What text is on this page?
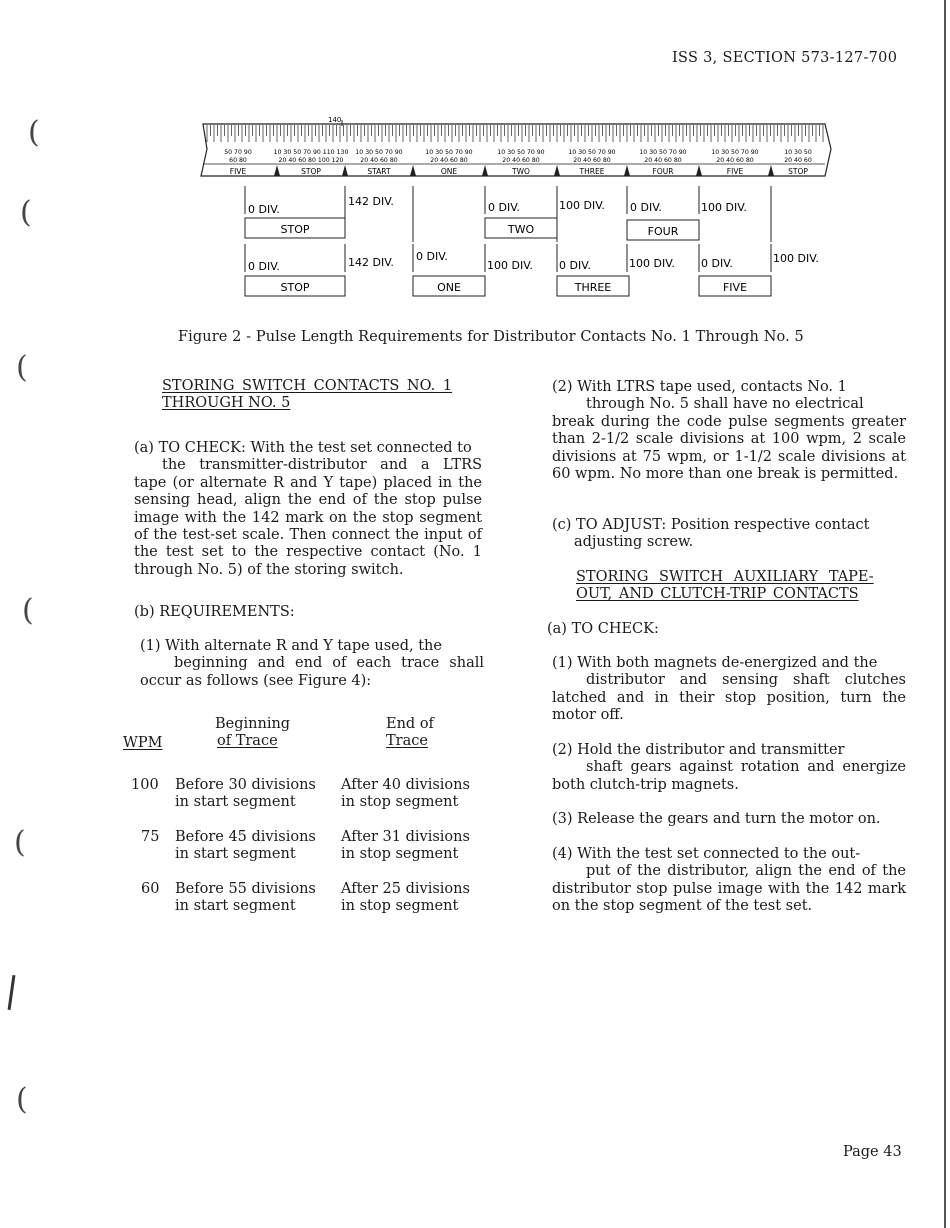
ISS 3, SECTION 573-127-700
(
(
(
(
(
(
140
50 70 90
60 80
10 30 50 70 90 110 130
20 40 60 80 100 120
10 30 50 70 90
20 40 60 80
10 30 50 70 90
20 40 60 80
10 30 50 70 90
20 40 60 80
10 30 50 70 90
20 40 60 80
10 30 50 70 90
20 40 60 80
10 30 50 70 90
20 40 60 80
10 30 50
20 40 60
FIVE	STOP	START	ONE	TWO	THREE	FOUR	FIVE	STOP
0 DIV.
142 DIV.	0 DIV.	100 DIV. 0 DIV.	100 DIV.
STOP	TWO	FOUR
0 DIV.	142 DIV. 0 DIV.
100 DIV. 0 DIV.	100 DIV. 0 DIV.	100 DIV.
STOP	ONE	THREE	FIVE
Figure 2 - Pulse Length Requirements for Distributor Contacts No. 1 Through No. 5
STORING SWITCH CONTACTS NO. 1
THROUGH NO. 5
(a) TO CHECK: With the test set connected to
the transmitter-distributor and a LTRS tape (or alternate R and Y tape) placed in the sensing head, align the end of the stop pulse image with the 142 mark on the stop segment of the test-set scale. Then connect the input of the test set to the respective contact (No. 1 through No. 5) of the storing switch.
(b) REQUIREMENTS:
(1) With alternate R and Y tape used, the
beginning and end of each trace shall occur as follows (see Figure 4):
Beginning
of Trace
End of
Trace
WPM
100 Before 30 divisions
in start segment
After 40 divisions
in stop segment
75 Before 45 divisions
in start segment
After 31 divisions
in stop segment
60 Before 55 divisions
in start segment
After 25 divisions
in stop segment
(2) With LTRS tape used, contacts No. 1
through No. 5 shall have no electrical
break during the code pulse segments greater than 2-1/2 scale divisions at 100 wpm, 2 scale divisions at 75 wpm, or 1-1/2 scale divisions at 60 wpm. No more than one break is permitted.
(c) TO ADJUST: Position respective contact
adjusting screw.
STORING SWITCH AUXILIARY TAPE-
OUT, AND CLUTCH-TRIP CONTACTS
(a) TO CHECK:
(1) With both magnets de-energized and the
distributor and sensing shaft clutches latched and in their stop position, turn the motor off.
(2) Hold the distributor and transmitter
shaft gears against rotation and energize both clutch-trip magnets.
(3) Release the gears and turn the motor on.
(4) With the test set connected to the out-
put of the distributor, align the end of the distributor stop pulse image with the 142 mark on the stop segment of the test set.
Page 43
